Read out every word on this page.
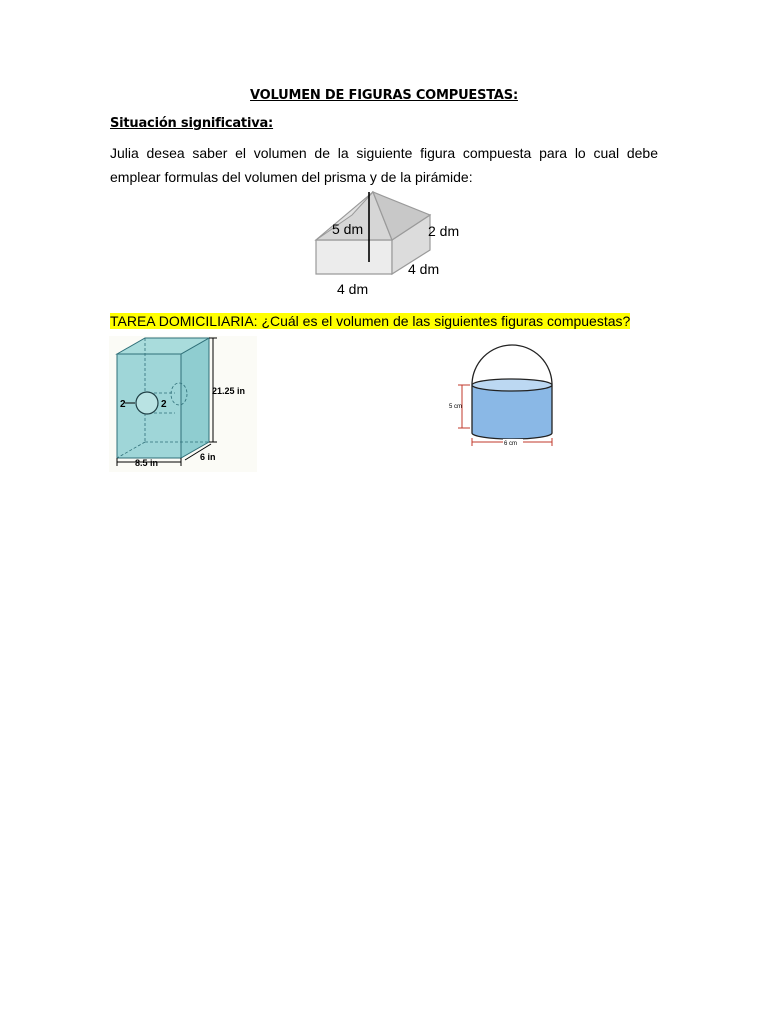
VOLUMEN DE FIGURAS COMPUESTAS:
Situación significativa:
Julia desea saber el volumen de la siguiente figura compuesta para lo cual debe emplear formulas del volumen del prisma y de la pirámide:
5 dm	2 dm
4 dm
4 dm
TAREA DOMICILIARIA: ¿Cuál es el volumen de las siguientes figuras compuestas?
2	2
21.25 in
8.5 in
6 in
5 cm
6 cm
